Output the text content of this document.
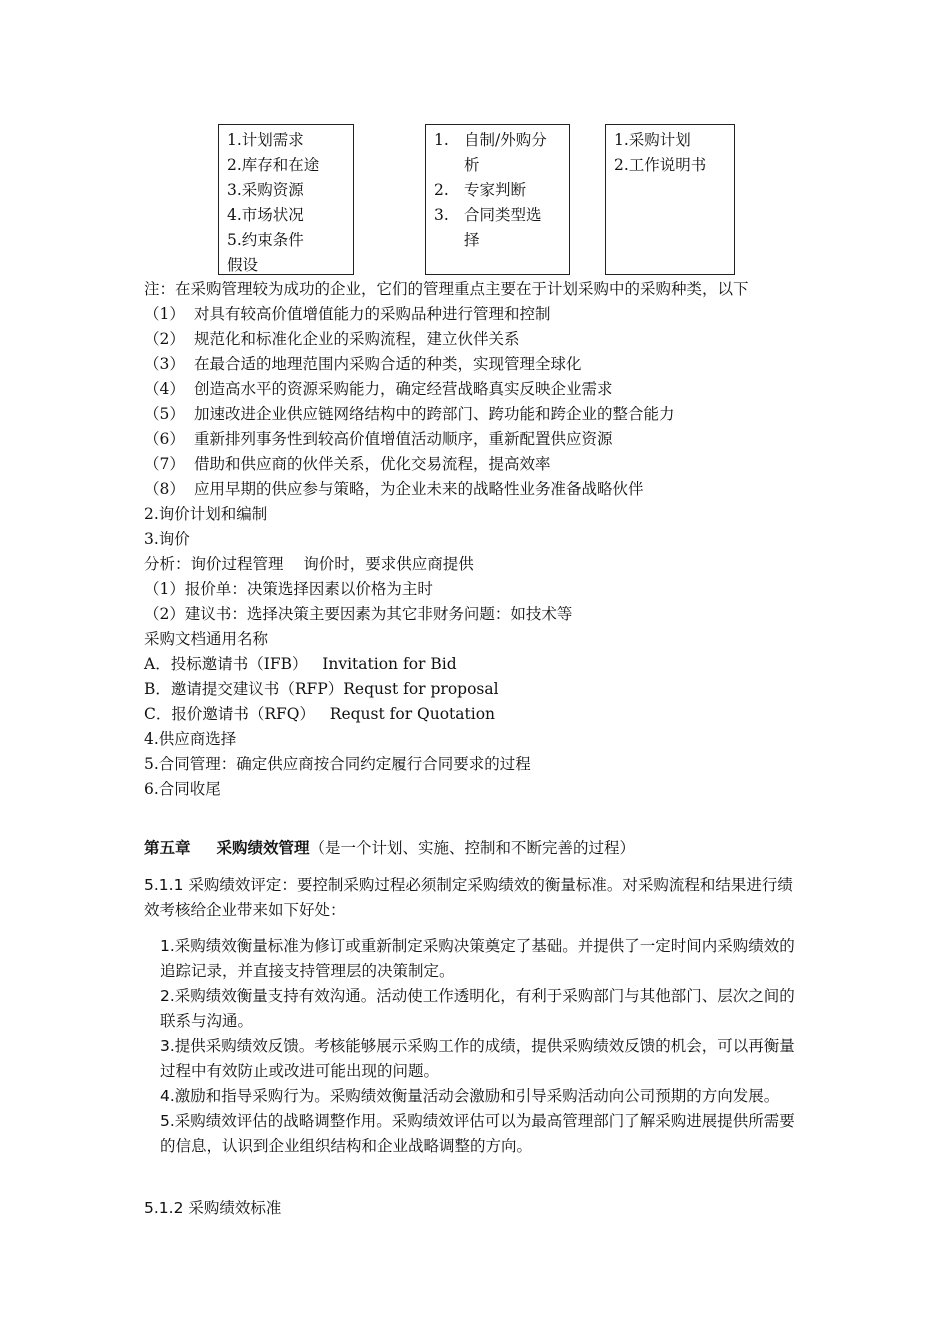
1.计划需求
2.库存和在途
3.采购资源
4.市场状况
5.约束条件
假设
1. 自制/外购分
析
2. 专家判断
3. 合同类型选
择
1.采购计划
2.工作说明书
注：在采购管理较为成功的企业，它们的管理重点主要在于计划采购中的采购种类，以下
（1） 对具有较高价值增值能力的采购品种进行管理和控制
（2） 规范化和标准化企业的采购流程，建立伙伴关系
（3） 在最合适的地理范围内采购合适的种类，实现管理全球化
（4） 创造高水平的资源采购能力，确定经营战略真实反映企业需求
（5） 加速改进企业供应链网络结构中的跨部门、跨功能和跨企业的整合能力
（6） 重新排列事务性到较高价值增值活动顺序，重新配置供应资源
（7） 借助和供应商的伙伴关系，优化交易流程，提高效率
（8） 应用早期的供应参与策略，为企业未来的战略性业务准备战略伙伴
2.询价计划和编制
3.询价
分析：询价过程管理    询价时，要求供应商提供
（1）报价单：决策选择因素以价格为主时
（2）建议书：选择决策主要因素为其它非财务问题：如技术等
采购文档通用名称
A．投标邀请书（IFB）   Invitation for Bid
B．邀请提交建议书（RFP）Requst for proposal
C．报价邀请书（RFQ）   Requst for Quotation
4.供应商选择
5.合同管理：确定供应商按合同约定履行合同要求的过程
6.合同收尾
第五章 采购绩效管理（是一个计划、实施、控制和不断完善的过程）
5.1.1 采购绩效评定：要控制采购过程必须制定采购绩效的衡量标准。对采购流程和结果进行绩效考核给企业带来如下好处：
1.采购绩效衡量标准为修订或重新制定采购决策奠定了基础。并提供了一定时间内采购绩效的追踪记录，并直接支持管理层的决策制定。
2.采购绩效衡量支持有效沟通。活动使工作透明化，有利于采购部门与其他部门、层次之间的联系与沟通。
3.提供采购绩效反馈。考核能够展示采购工作的成绩，提供采购绩效反馈的机会，可以再衡量过程中有效防止或改进可能出现的问题。
4.激励和指导采购行为。采购绩效衡量活动会激励和引导采购活动向公司预期的方向发展。
5.采购绩效评估的战略调整作用。采购绩效评估可以为最高管理部门了解采购进展提供所需要的信息，认识到企业组织结构和企业战略调整的方向。
5.1.2 采购绩效标准
